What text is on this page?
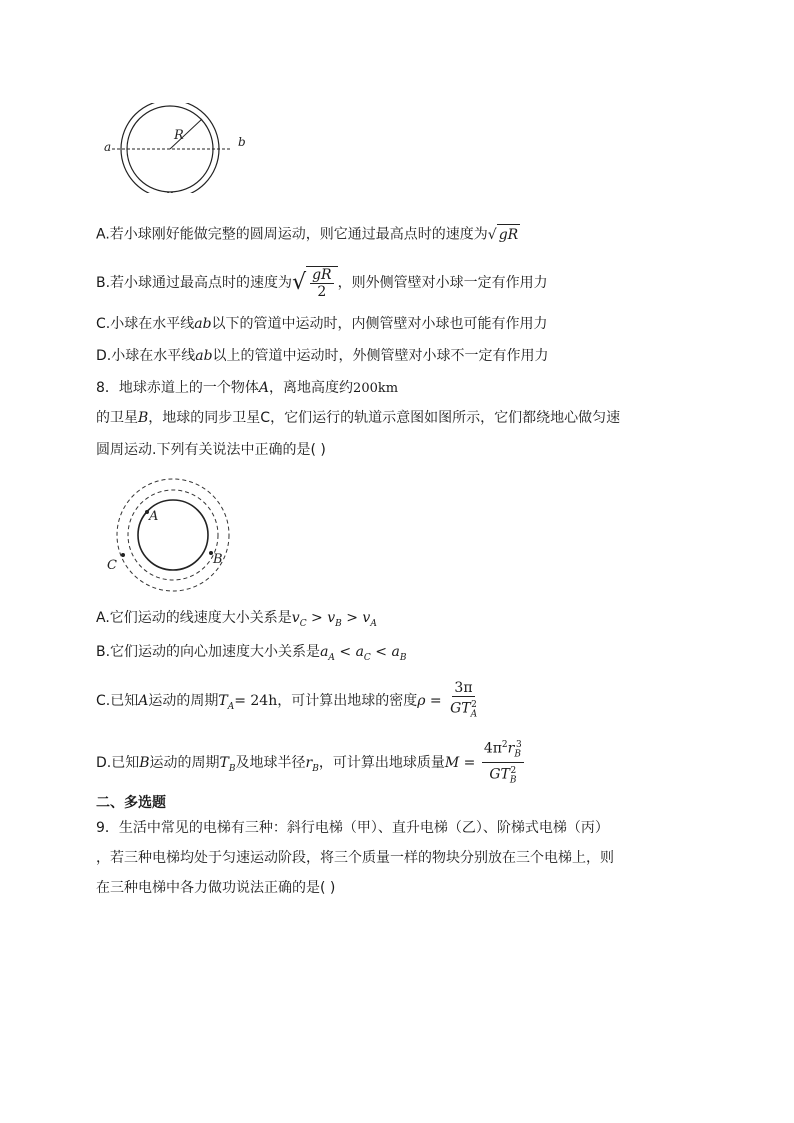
a	b
R
A.若小球刚好能做完整的圆周运动，则它通过最高点时的速度为 √ gR
B.若小球通过最高点时的速度为 √ $\frac{gR}{2}$ ，则外侧管壁对小球一定有作用力
C.小球在水平线ab以下的管道中运动时，内侧管壁对小球也可能有作用力
D.小球在水平线ab以上的管道中运动时，外侧管壁对小球不一定有作用力
8．地球赤道上的一个物体A，离地高度约200km
的卫星B，地球的同步卫星C，它们运行的轨道示意图如图所示，它们都绕地心做匀速
圆周运动.下列有关说法中正确的是( )
A
B
C
A.它们运动的线速度大小关系是$v_C > v_B > v_A$
B.它们运动的向心加速度大小关系是$a_A < a_C < a_B$
C.已知A运动的周期$T_A= 24h$，可计算出地球的密度$\rho = \frac{3\pi}{GT_A^2}$
D.已知B运动的周期$T_B$及地球半径$r_B$，可计算出地球质量$M = \frac{4\pi^2r_B^3}{GT_B^2}$
二、多选题
9．生活中常见的电梯有三种：斜行电梯（甲）、直升电梯（乙）、阶梯式电梯（丙）
，若三种电梯均处于匀速运动阶段，将三个质量一样的物块分别放在三个电梯上，则
在三种电梯中各力做功说法正确的是( )
